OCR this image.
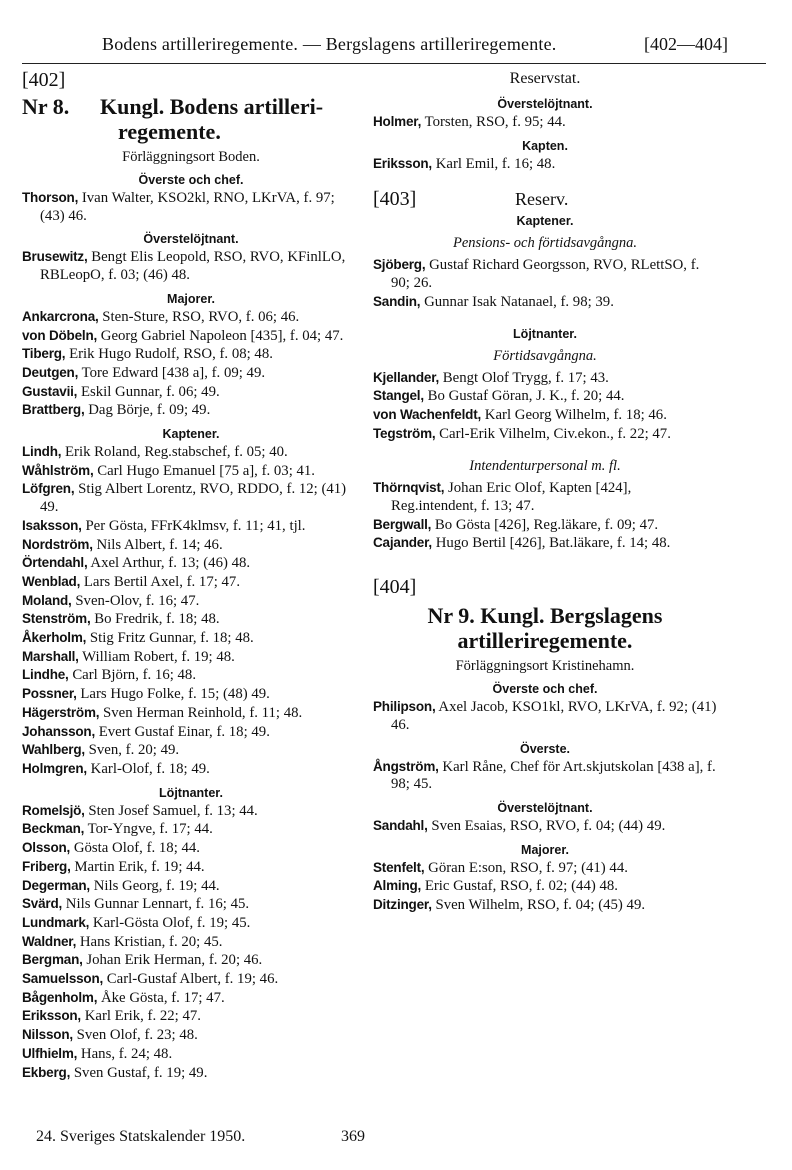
Bodens artilleriregemente. — Bergslagens artilleriregemente.	[402—404]
[402]
Nr 8. Kungl. Bodens artilleri-
regemente.
Förläggningsort Boden.
Överste och chef.
Thorson, Ivan Walter, KSO2kl, RNO, LKrVA, f. 97; (43) 46.
Överstelöjtnant.
Brusewitz, Bengt Elis Leopold, RSO, RVO, KFinlLO, RBLeopO, f. 03; (46) 48.
Majorer.
Ankarcrona, Sten-Sture, RSO, RVO, f. 06; 46.
von Döbeln, Georg Gabriel Napoleon [435], f. 04; 47.
Tiberg, Erik Hugo Rudolf, RSO, f. 08; 48.
Deutgen, Tore Edward [438 a], f. 09; 49.
Gustavii, Eskil Gunnar, f. 06; 49.
Brattberg, Dag Börje, f. 09; 49.
Kaptener.
Lindh, Erik Roland, Reg.stabschef, f. 05; 40.
Wåhlström, Carl Hugo Emanuel [75 a], f. 03; 41.
Löfgren, Stig Albert Lorentz, RVO, RDDO, f. 12; (41) 49.
Isaksson, Per Gösta, FFrK4klmsv, f. 11; 41, tjl.
Nordström, Nils Albert, f. 14; 46.
Örtendahl, Axel Arthur, f. 13; (46) 48.
Wenblad, Lars Bertil Axel, f. 17; 47.
Moland, Sven-Olov, f. 16; 47.
Stenström, Bo Fredrik, f. 18; 48.
Åkerholm, Stig Fritz Gunnar, f. 18; 48.
Marshall, William Robert, f. 19; 48.
Lindhe, Carl Björn, f. 16; 48.
Possner, Lars Hugo Folke, f. 15; (48) 49.
Hägerström, Sven Herman Reinhold, f. 11; 48.
Johansson, Evert Gustaf Einar, f. 18; 49.
Wahlberg, Sven, f. 20; 49.
Holmgren, Karl-Olof, f. 18; 49.
Löjtnanter.
Romelsjö, Sten Josef Samuel, f. 13; 44.
Beckman, Tor-Yngve, f. 17; 44.
Olsson, Gösta Olof, f. 18; 44.
Friberg, Martin Erik, f. 19; 44.
Degerman, Nils Georg, f. 19; 44.
Svärd, Nils Gunnar Lennart, f. 16; 45.
Lundmark, Karl-Gösta Olof, f. 19; 45.
Waldner, Hans Kristian, f. 20; 45.
Bergman, Johan Erik Herman, f. 20; 46.
Samuelsson, Carl-Gustaf Albert, f. 19; 46.
Bågenholm, Åke Gösta, f. 17; 47.
Eriksson, Karl Erik, f. 22; 47.
Nilsson, Sven Olof, f. 23; 48.
Ulfhielm, Hans, f. 24; 48.
Ekberg, Sven Gustaf, f. 19; 49.
Reservstat.
Överstelöjtnant.
Holmer, Torsten, RSO, f. 95; 44.
Kapten.
Eriksson, Karl Emil, f. 16; 48.
[403]	Reserv.
Kaptener.
Pensions- och förtidsavgångna.
Sjöberg, Gustaf Richard Georgsson, RVO, RLettSO, f. 90; 26.
Sandin, Gunnar Isak Natanael, f. 98; 39.
Löjtnanter.
Förtidsavgångna.
Kjellander, Bengt Olof Trygg, f. 17; 43.
Stangel, Bo Gustaf Göran, J. K., f. 20; 44.
von Wachenfeldt, Karl Georg Wilhelm, f. 18; 46.
Tegström, Carl-Erik Vilhelm, Civ.ekon., f. 22; 47.
Intendenturpersonal m. fl.
Thörnqvist, Johan Eric Olof, Kapten [424], Reg.intendent, f. 13; 47.
Bergwall, Bo Gösta [426], Reg.läkare, f. 09; 47.
Cajander, Hugo Bertil [426], Bat.läkare, f. 14; 48.
[404]
Nr 9. Kungl. Bergslagens
artilleriregemente.
Förläggningsort Kristinehamn.
Överste och chef.
Philipson, Axel Jacob, KSO1kl, RVO, LKrVA, f. 92; (41) 46.
Överste.
Ångström, Karl Råne, Chef för Art.skjutskolan [438 a], f. 98; 45.
Överstelöjtnant.
Sandahl, Sven Esaias, RSO, RVO, f. 04; (44) 49.
Majorer.
Stenfelt, Göran E:son, RSO, f. 97; (41) 44.
Alming, Eric Gustaf, RSO, f. 02; (44) 48.
Ditzinger, Sven Wilhelm, RSO, f. 04; (45) 49.
24. Sveriges Statskalender 1950.	369
